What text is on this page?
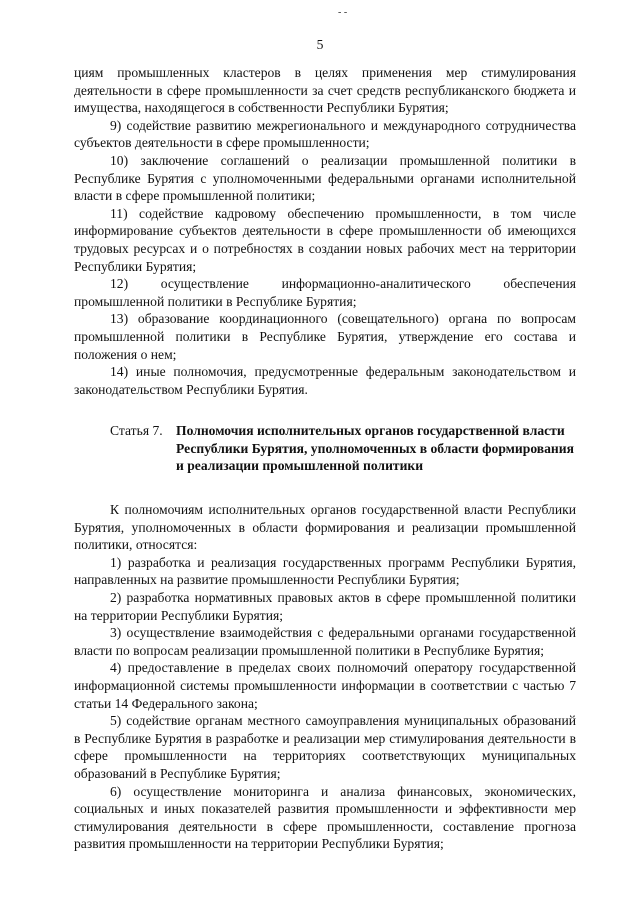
- -
5

циям промышленных кластеров в целях применения мер стимулирования деятельности в сфере промышленности за счет средств республиканского бюджета и имущества, находящегося в собственности Республики Бурятия;

9) содействие развитию межрегионального и международного сотрудничества субъектов деятельности в сфере промышленности;

10) заключение соглашений о реализации промышленной политики в Республике Бурятия с уполномоченными федеральными органами исполнительной власти в сфере промышленной политики;

11) содействие кадровому обеспечению промышленности, в том числе информирование субъектов деятельности в сфере промышленности об имеющихся трудовых ресурсах и о потребностях в создании новых рабочих мест на территории Республики Бурятия;

12) осуществление информационно-аналитического обеспечения промышленной политики в Республике Бурятия;

13) образование координационного (совещательного) органа по вопросам промышленной политики в Республике Бурятия, утверждение его состава и положения о нем;

14) иные полномочия, предусмотренные федеральным законодательством и законодательством Республики Бурятия.

Статья 7. Полномочия исполнительных органов государственной власти Республики Бурятия, уполномоченных в области формирования и реализации промышленной политики

К полномочиям исполнительных органов государственной власти Республики Бурятия, уполномоченных в области формирования и реализации промышленной политики, относятся:

1) разработка и реализация государственных программ Республики Бурятия, направленных на развитие промышленности Республики Бурятия;

2) разработка нормативных правовых актов в сфере промышленной политики на территории Республики Бурятия;

3) осуществление взаимодействия с федеральными органами государственной власти по вопросам реализации промышленной политики в Республике Бурятия;

4) предоставление в пределах своих полномочий оператору государственной информационной системы промышленности информации в соответствии с частью 7 статьи 14 Федерального закона;

5) содействие органам местного самоуправления муниципальных образований в Республике Бурятия в разработке и реализации мер стимулирования деятельности в сфере промышленности на территориях соответствующих муниципальных образований в Республике Бурятия;

6) осуществление мониторинга и анализа финансовых, экономических, социальных и иных показателей развития промышленности и эффективности мер стимулирования деятельности в сфере промышленности, составление прогноза развития промышленности на территории Республики Бурятия;
